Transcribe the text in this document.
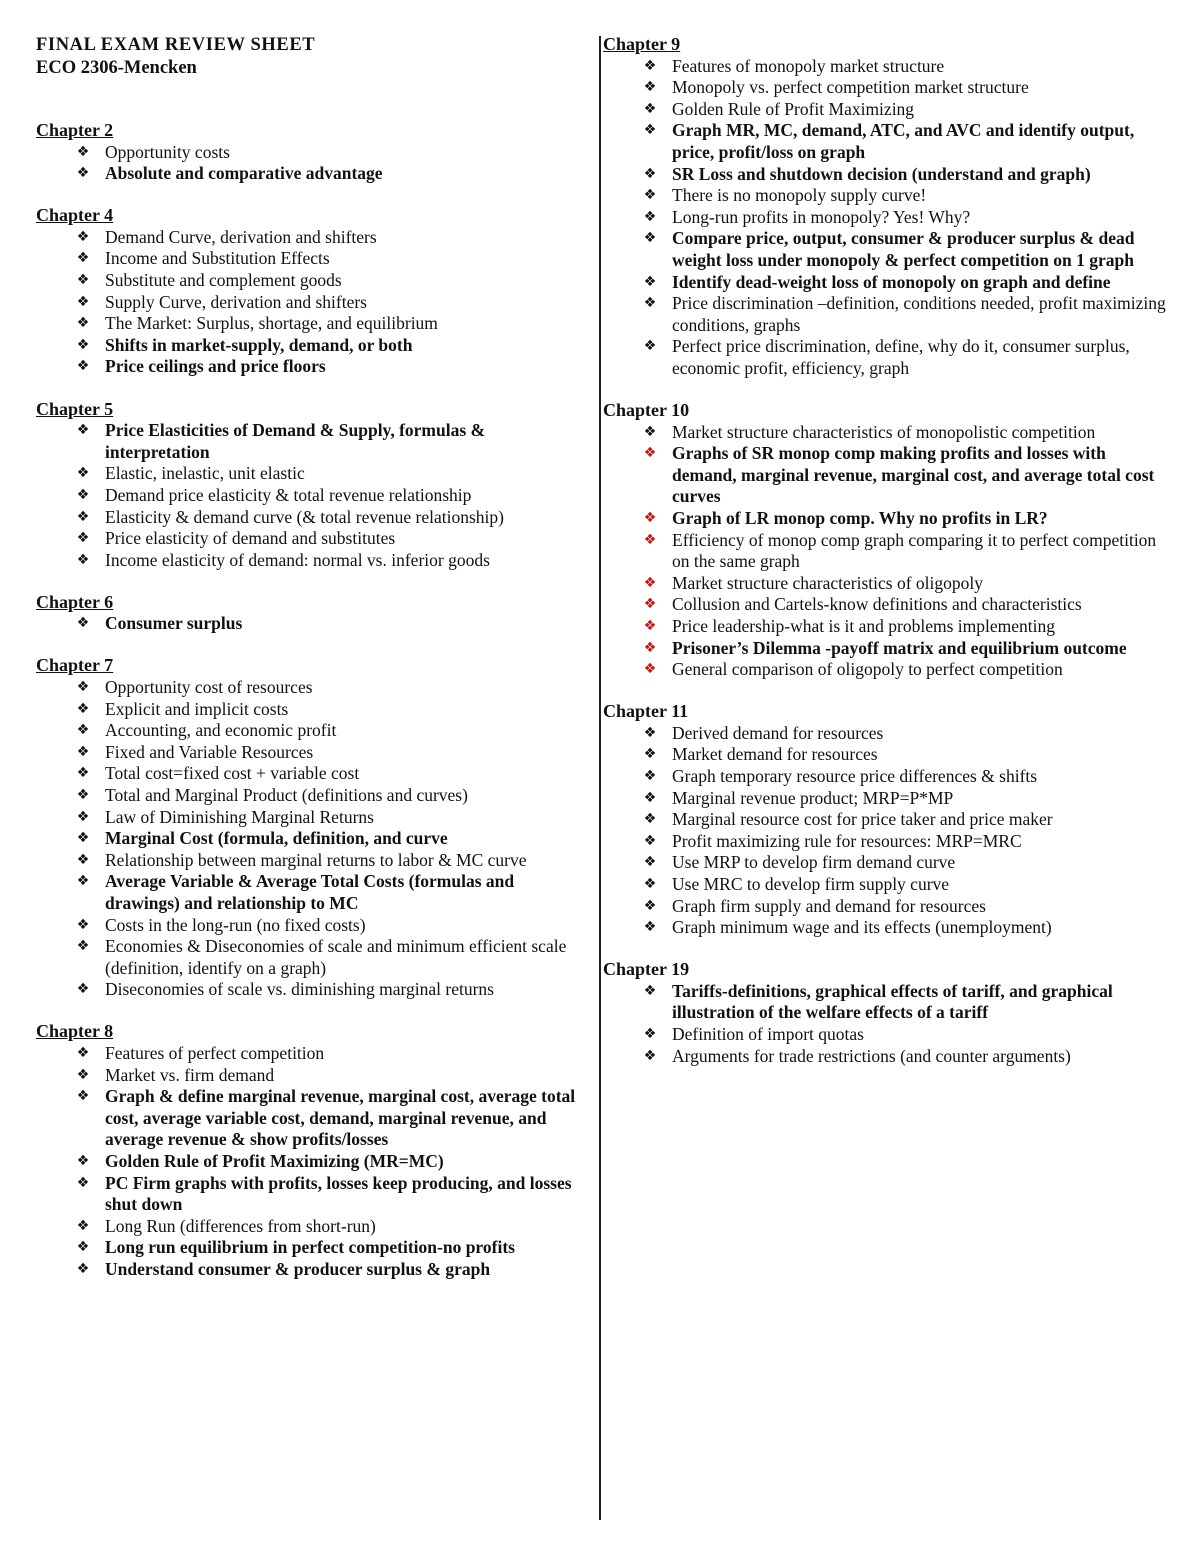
FINAL EXAM REVIEW SHEET
ECO 2306-Mencken
Chapter 2
❖ Opportunity costs
❖ Absolute and comparative advantage
Chapter 4
❖ Demand Curve, derivation and shifters
❖ Income and Substitution Effects
❖ Substitute and complement goods
❖ Supply Curve, derivation and shifters
❖ The Market: Surplus, shortage, and equilibrium
❖ Shifts in market-supply, demand, or both
❖ Price ceilings and price floors
Chapter 5
❖ Price Elasticities of Demand & Supply, formulas & interpretation
❖ Elastic, inelastic, unit elastic
❖ Demand price elasticity & total revenue relationship
❖ Elasticity & demand curve (& total revenue relationship)
❖ Price elasticity of demand and substitutes
❖ Income elasticity of demand: normal vs. inferior goods
Chapter 6
❖ Consumer surplus
Chapter 7
❖ Opportunity cost of resources
❖ Explicit and implicit costs
❖ Accounting, and economic profit
❖ Fixed and Variable Resources
❖ Total cost=fixed cost + variable cost
❖ Total and Marginal Product (definitions and curves)
❖ Law of Diminishing Marginal Returns
❖ Marginal Cost (formula, definition, and curve
❖ Relationship between marginal returns to labor & MC curve
❖ Average Variable & Average Total Costs (formulas and drawings) and relationship to MC
❖ Costs in the long-run (no fixed costs)
❖ Economies & Diseconomies of scale and minimum efficient scale (definition, identify on a graph)
❖ Diseconomies of scale vs. diminishing marginal returns
Chapter 8
❖ Features of perfect competition
❖ Market vs. firm demand
❖ Graph & define marginal revenue, marginal cost, average total cost, average variable cost, demand, marginal revenue, and average revenue & show profits/losses
❖ Golden Rule of Profit Maximizing (MR=MC)
❖ PC Firm graphs with profits, losses keep producing, and losses shut down
❖ Long Run (differences from short-run)
❖ Long run equilibrium in perfect competition-no profits
❖ Understand consumer & producer surplus & graph
Chapter 9
❖ Features of monopoly market structure
❖ Monopoly vs. perfect competition market structure
❖ Golden Rule of Profit Maximizing
❖ Graph MR, MC, demand, ATC, and AVC and identify output, price, profit/loss on graph
❖ SR Loss and shutdown decision (understand and graph)
❖ There is no monopoly supply curve!
❖ Long-run profits in monopoly? Yes! Why?
❖ Compare price, output, consumer & producer surplus & dead weight loss under monopoly & perfect competition on 1 graph
❖ Identify dead-weight loss of monopoly on graph and define
❖ Price discrimination –definition, conditions needed, profit maximizing conditions, graphs
❖ Perfect price discrimination, define, why do it, consumer surplus, economic profit, efficiency, graph
Chapter 10
❖ Market structure characteristics of monopolistic competition
❖ Graphs of SR monop comp making profits and losses with demand, marginal revenue, marginal cost, and average total cost curves
❖ Graph of LR monop comp. Why no profits in LR?
❖ Efficiency of monop comp graph comparing it to perfect competition on the same graph
❖ Market structure characteristics of oligopoly
❖ Collusion and Cartels-know definitions and characteristics
❖ Price leadership-what is it and problems implementing
❖ Prisoner’s Dilemma -payoff matrix and equilibrium outcome
❖ General comparison of oligopoly to perfect competition
Chapter 11
❖ Derived demand for resources
❖ Market demand for resources
❖ Graph temporary resource price differences & shifts
❖ Marginal revenue product; MRP=P*MP
❖ Marginal resource cost for price taker and price maker
❖ Profit maximizing rule for resources: MRP=MRC
❖ Use MRP to develop firm demand curve
❖ Use MRC to develop firm supply curve
❖ Graph firm supply and demand for resources
❖ Graph minimum wage and its effects (unemployment)
Chapter 19
❖ Tariffs-definitions, graphical effects of tariff, and graphical illustration of the welfare effects of a tariff
❖ Definition of import quotas
❖ Arguments for trade restrictions (and counter arguments)
